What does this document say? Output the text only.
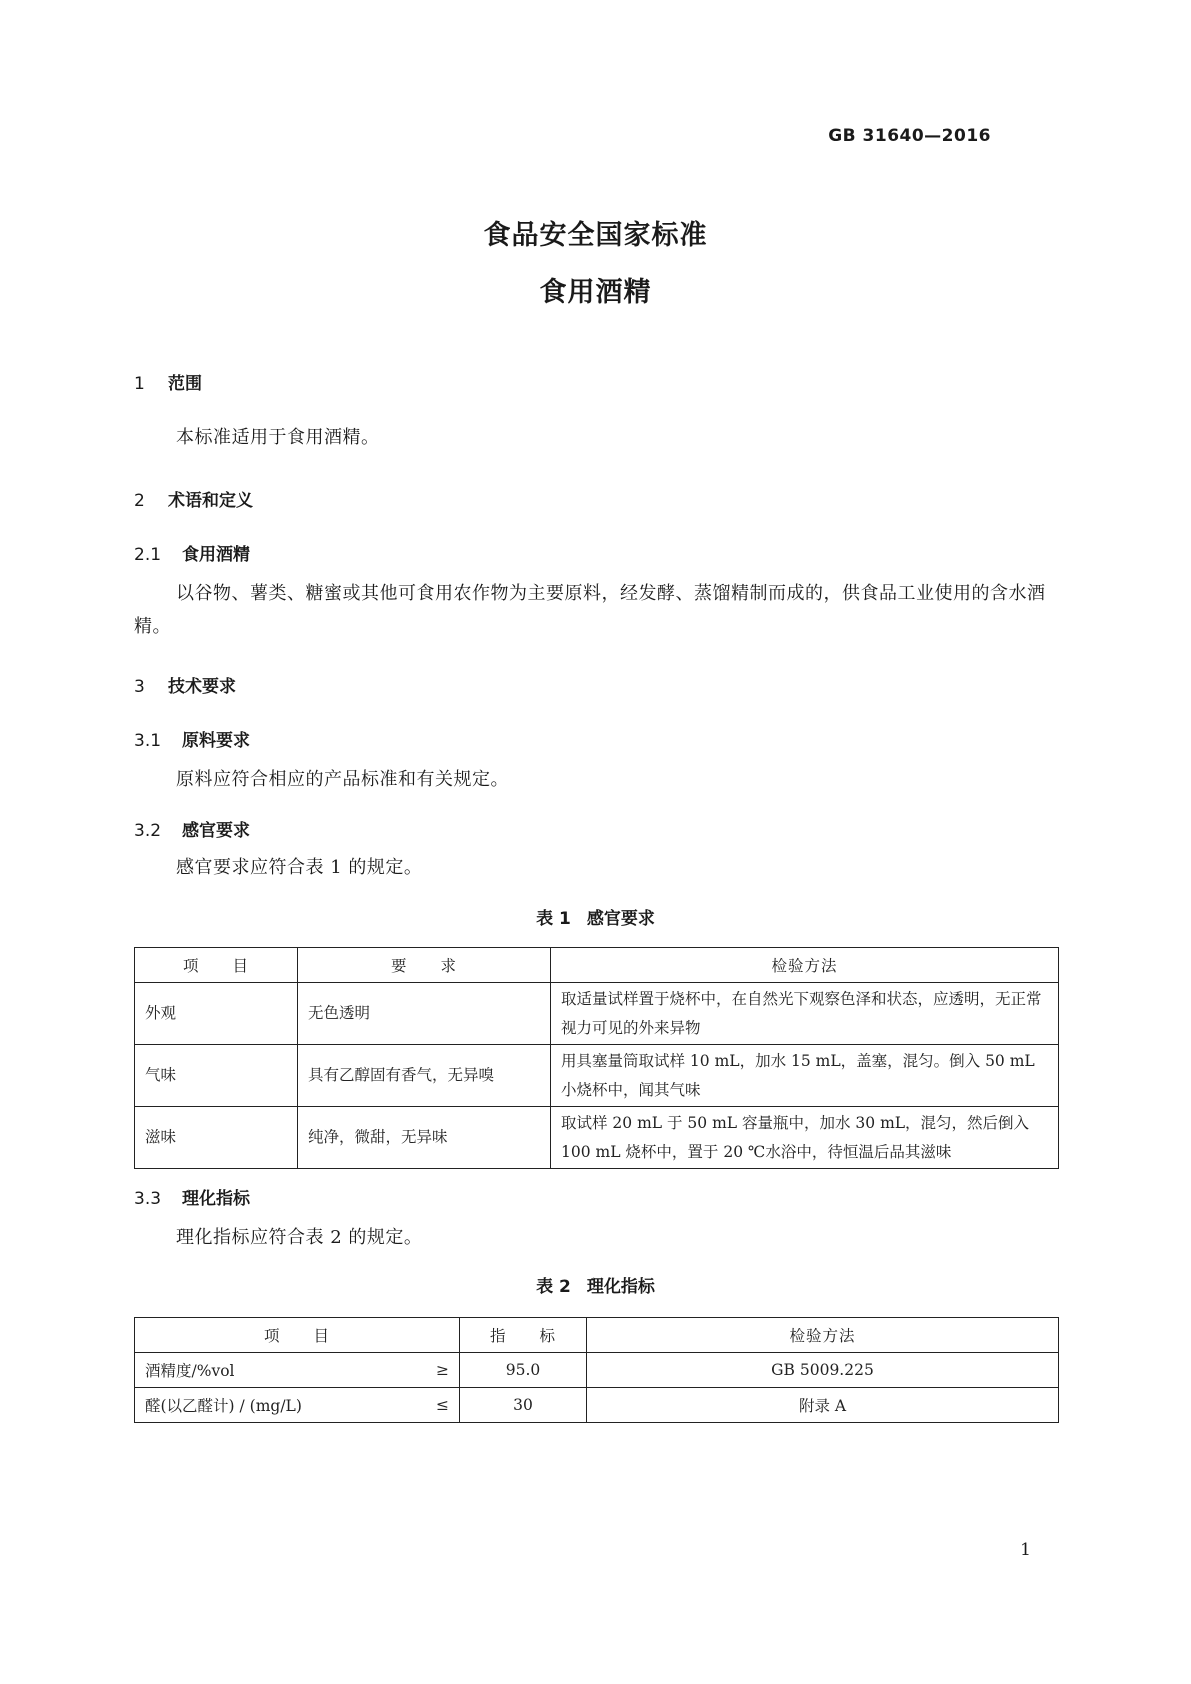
GB 31640—2016
食品安全国家标准
食用酒精
1 范围
本标准适用于食用酒精。
2 术语和定义
2.1 食用酒精
以谷物、薯类、糖蜜或其他可食用农作物为主要原料，经发酵、蒸馏精制而成的，供食品工业使用的含水酒精。
3 技术要求
3.1 原料要求
原料应符合相应的产品标准和有关规定。
3.2 感官要求
感官要求应符合表 1 的规定。
表 1 感官要求
项　　目	要　　求	检验方法
外观	无色透明	取适量试样置于烧杯中，在自然光下观察色泽和状态，应透明，无正常视力可见的外来异物
气味	具有乙醇固有香气，无异嗅	用具塞量筒取试样 10 mL，加水 15 mL，盖塞，混匀。倒入 50 mL 小烧杯中，闻其气味
滋味	纯净，微甜，无异味	取试样 20 mL 于 50 mL 容量瓶中，加水 30 mL，混匀，然后倒入 100 mL 烧杯中，置于 20 ℃水浴中，待恒温后品其滋味
3.3 理化指标
理化指标应符合表 2 的规定。
表 2 理化指标
项　　目	指　　标	检验方法
酒精度/%vol ≥	95.0	GB 5009.225
醛(以乙醛计) / (mg/L) ≤	30	附录 A
1
